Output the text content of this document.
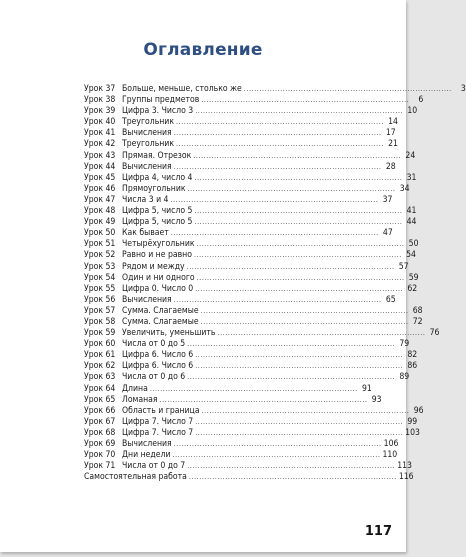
Оглавление
Урок 37 Больше, меньше, столько же ................................................................................	3
Урок 38 Группы предметов ................................................................................	6
Урок 39 Цифра 3. Число 3 ................................................................................ 10
Урок 40 Треугольник ................................................................................ 14
Урок 41 Вычисления ................................................................................ 17
Урок 42 Треугольник ................................................................................ 21
Урок 43 Прямая. Отрезок ................................................................................ 24
Урок 44 Вычисления ................................................................................ 28
Урок 45 Цифра 4, число 4 ................................................................................ 31
Урок 46 Прямоугольник ................................................................................ 34
Урок 47 Числа 3 и 4 ................................................................................ 37
Урок 48 Цифра 5, число 5 ................................................................................ 41
Урок 49 Цифра 5, число 5 ................................................................................ 44
Урок 50 Как бывает ................................................................................ 47
Урок 51 Четырёхугольник ................................................................................ 50
Урок 52 Равно и не равно ................................................................................ 54
Урок 53 Рядом и между ................................................................................ 57
Урок 54 Один и ни одного ................................................................................ 59
Урок 55 Цифра 0. Число 0 ................................................................................ 62
Урок 56 Вычисления ................................................................................ 65
Урок 57 Сумма. Слагаемые ................................................................................ 68
Урок 58 Сумма. Слагаемые ................................................................................ 72
Урок 59 Увеличить, уменьшить ................................................................................ 76
Урок 60 Числа от 0 до 5 ................................................................................ 79
Урок 61 Цифра 6. Число 6 ................................................................................ 82
Урок 62 Цифра 6. Число 6 ................................................................................ 86
Урок 63 Числа от 0 до 6 ................................................................................ 89
Урок 64 Длина ................................................................................ 91
Урок 65 Ломаная ................................................................................ 93
Урок 66 Область и граница ................................................................................ 96
Урок 67 Цифра 7. Число 7 ................................................................................ 99
Урок 68 Цифра 7. Число 7 ................................................................................ 103
Урок 69 Вычисления ................................................................................ 106
Урок 70 Дни недели ................................................................................ 110
Урок 71 Числа от 0 до 7 ................................................................................ 113
Самостоятельная работа ................................................................................ 116
117
